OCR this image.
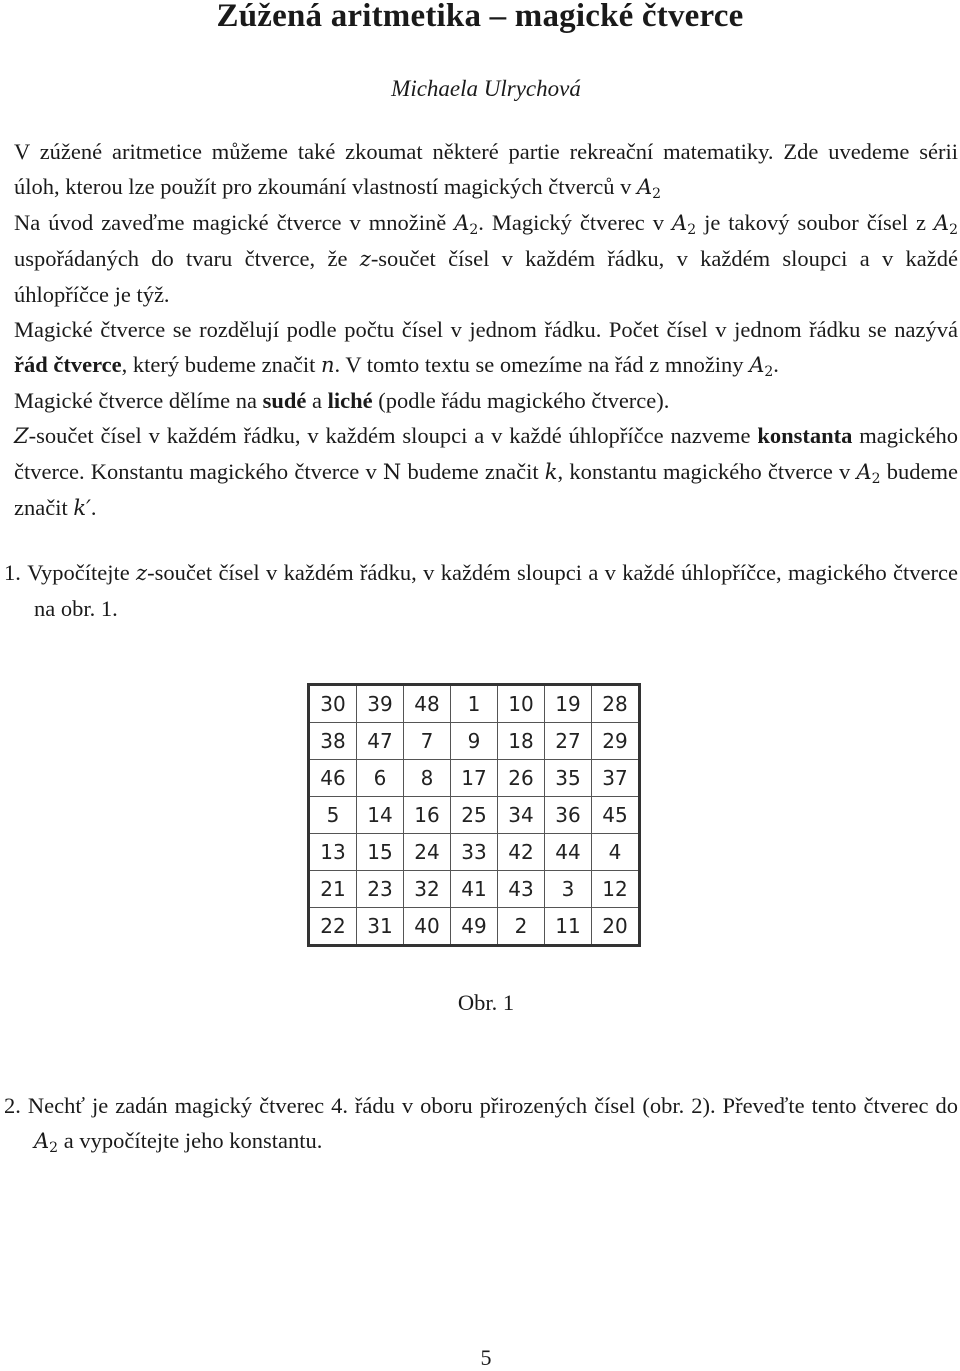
Zúžená aritmetika – magické čtverce
Michaela Ulrychová

V zúžené aritmetice můžeme také zkoumat některé partie rekreační matematiky. Zde uvedeme sérii úloh, kterou lze použít pro zkoumání vlastností magických čtverců v $A_2$

Na úvod zaveďme magické čtverce v množině $A_2$. Magický čtverec v $A_2$ je takový soubor čísel z $A_2$ uspořádaných do tvaru čtverce, že z-součet čísel v každém řádku, v každém sloupci a v každé úhlopříčce je týž.

Magické čtverce se rozdělují podle počtu čísel v jednom řádku. Počet čísel v jednom řádku se nazývá řád čtverce, který budeme značit n. V tomto textu se omezíme na řád z množiny $A_2$.

Magické čtverce dělíme na sudé a liché (podle řádu magického čtverce).

Z-součet čísel v každém řádku, v každém sloupci a v každé úhlopříčce nazveme konstanta magického čtverce. Konstantu magického čtverce v N budeme značit k, konstantu magického čtverce v $A_2$ budeme značit k′.

1. Vypočítejte z-součet čísel v každém řádku, v každém sloupci a v každé úhlopříčce, magického čtverce na obr. 1.

30	39	48	1	10	19	28
38	47	7	9	18	27	29
46	6	8	17	26	35	37
5	14	16	25	34	36	45
13	15	24	33	42	44	4
21	23	32	41	43	3	12
22	31	40	49	2	11	20
Obr. 1

2. Nechť je zadán magický čtverec 4. řádu v oboru přirozených čísel (obr. 2). Převeďte tento čtverec do $A_2$ a vypočítejte jeho konstantu.

5
